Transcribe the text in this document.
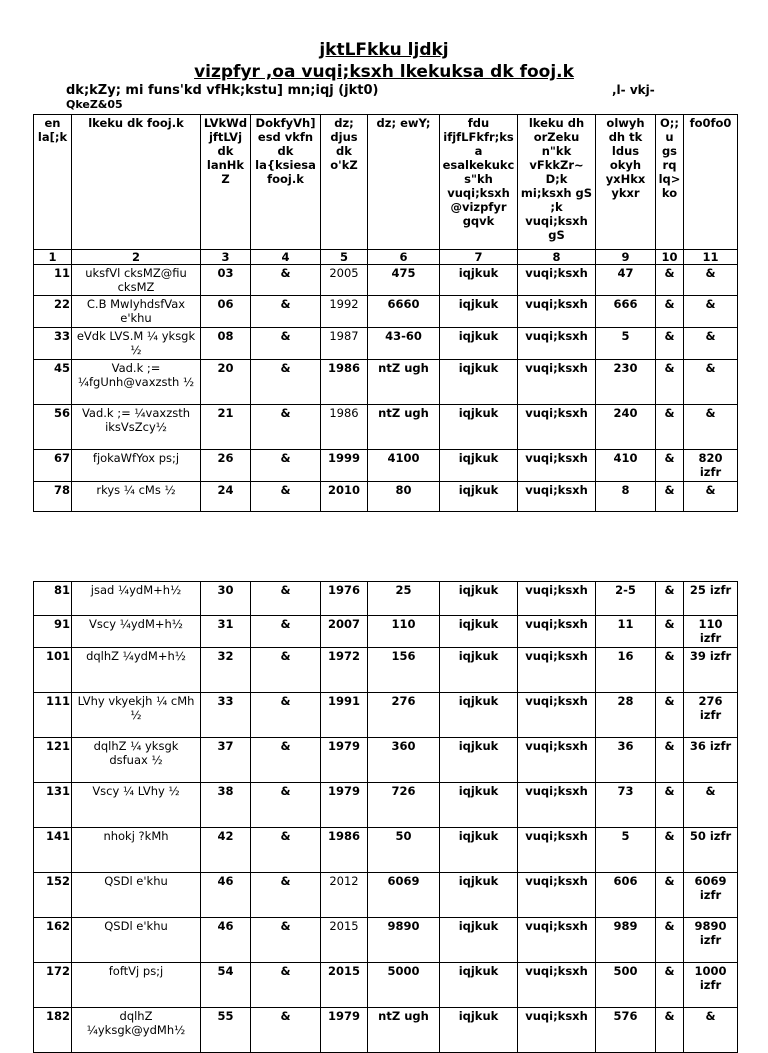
jktLFkku ljdkj
vizpfyr ,oa vuqi;ksxh lkekuksa dk fooj.k
dk;kZy; mi funs'kd vfHk;kstu] mn;iqj (jkt0)	,l- vkj-
QkeZ&05
en la[;k	lkeku dk fooj.k	LVkWd jftLVj dk lanHkZ	DokfyVh]esd vkfn dk la{ksiesa fooj.k	dz; djus dk o'kZ	dz; ewY;	fdu ifjfLFkfr;ksa esalkekukcs"kh vuqi;ksxh@vizpfyr gqvk	lkeku dh orZeku n"kk vFkkZr~ D;k mi;ksxh gS ;k vuqi;ksxh gS	olwyh dh tk ldus okyh yxHkx ykxr	O;;u gs rq lq>ko	fo0fo0
1	2	3	4	5	6	7	8	9	10	11
11	uksfVl cksMZ@fiu cksMZ	03	&	2005	475	iqjkuk	vuqi;ksxh	47	&	&
22	C.B MwIyhdsfVax e'khu	06	&	1992	6660	iqjkuk	vuqi;ksxh	666	&	&
33	eVdk LVS.M ¼ yksgk ½	08	&	1987	43-60	iqjkuk	vuqi;ksxh	5	&	&
45	Vad.k ;= ¼fgUnh@vaxzsth ½	20	&	1986	ntZ ugh	iqjkuk	vuqi;ksxh	230	&	&
56	Vad.k ;= ¼vaxzsth iksVsZcy½	21	&	1986	ntZ ugh	iqjkuk	vuqi;ksxh	240	&	&
67	fjokaWfYox ps;j	26	&	1999	4100	iqjkuk	vuqi;ksxh	410	&	820 izfr
78	rkys ¼ cMs ½	24	&	2010	80	iqjkuk	vuqi;ksxh	8	&	&
81	jsad ¼ydM+h½	30	&	1976	25	iqjkuk	vuqi;ksxh	2-5	&	25 izfr
91	Vscy ¼ydM+h½	31	&	2007	110	iqjkuk	vuqi;ksxh	11	&	110 izfr
101	dqlhZ ¼ydM+h½	32	&	1972	156	iqjkuk	vuqi;ksxh	16	&	39 izfr
111	LVhy vkyekjh ¼ cMh ½	33	&	1991	276	iqjkuk	vuqi;ksxh	28	&	276 izfr
121	dqlhZ ¼ yksgk dsfuax ½	37	&	1979	360	iqjkuk	vuqi;ksxh	36	&	36 izfr
131	Vscy ¼ LVhy ½	38	&	1979	726	iqjkuk	vuqi;ksxh	73	&	&
141	nhokj ?kMh	42	&	1986	50	iqjkuk	vuqi;ksxh	5	&	50 izfr
152	QSDl e'khu	46	&	2012	6069	iqjkuk	vuqi;ksxh	606	&	6069 izfr
162	QSDl e'khu	46	&	2015	9890	iqjkuk	vuqi;ksxh	989	&	9890 izfr
172	foftVj ps;j	54	&	2015	5000	iqjkuk	vuqi;ksxh	500	&	1000 izfr
182	dqlhZ ¼yksgk@ydMh½	55	&	1979	ntZ ugh	iqjkuk	vuqi;ksxh	576	&	&
